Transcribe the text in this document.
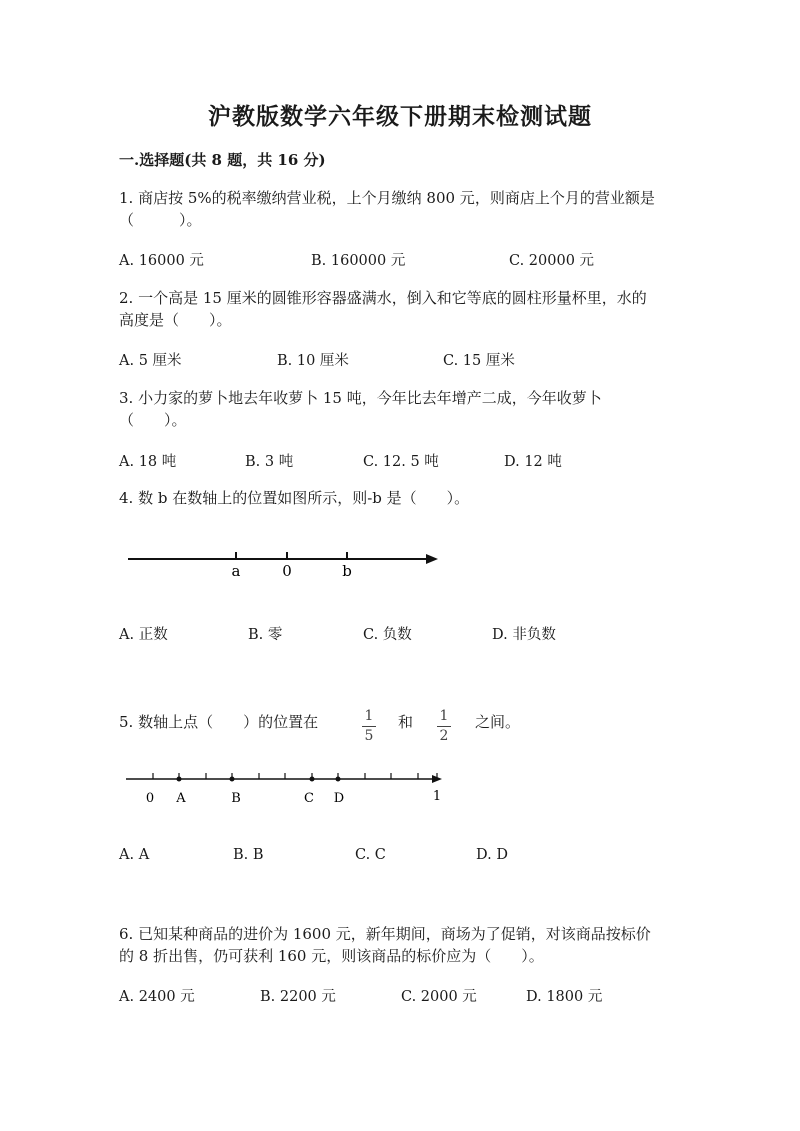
沪教版数学六年级下册期末检测试题
一.选择题(共 8 题，共 16 分)
1. 商店按 5%的税率缴纳营业税，上个月缴纳 800 元，则商店上个月的营业额是
（　　　）。
A. 16000 元	B. 160000 元	C. 20000 元
2. 一个高是 15 厘米的圆锥形容器盛满水，倒入和它等底的圆柱形量杯里，水的
高度是（　　）。
A. 5 厘米	B. 10 厘米	C. 15 厘米
3. 小力家的萝卜地去年收萝卜 15 吨，今年比去年增产二成，今年收萝卜
（　　）。
A. 18 吨	B. 3 吨	C. 12. 5 吨	D. 12 吨
4. 数 b 在数轴上的位置如图所示，则-b 是（　　）。
a	0	b
A. 正数	B. 零	C. 负数	D. 非负数
5. 数轴上点（　　）的位置在	1
5
和 1
2
之间。
0 A	B	C D	1
A. A	B. B	C. C	D. D
6. 已知某种商品的进价为 1600 元，新年期间，商场为了促销，对该商品按标价
的 8 折出售，仍可获利 160 元，则该商品的标价应为（　　）。
A. 2400 元	B. 2200 元	C. 2000 元	D. 1800 元
